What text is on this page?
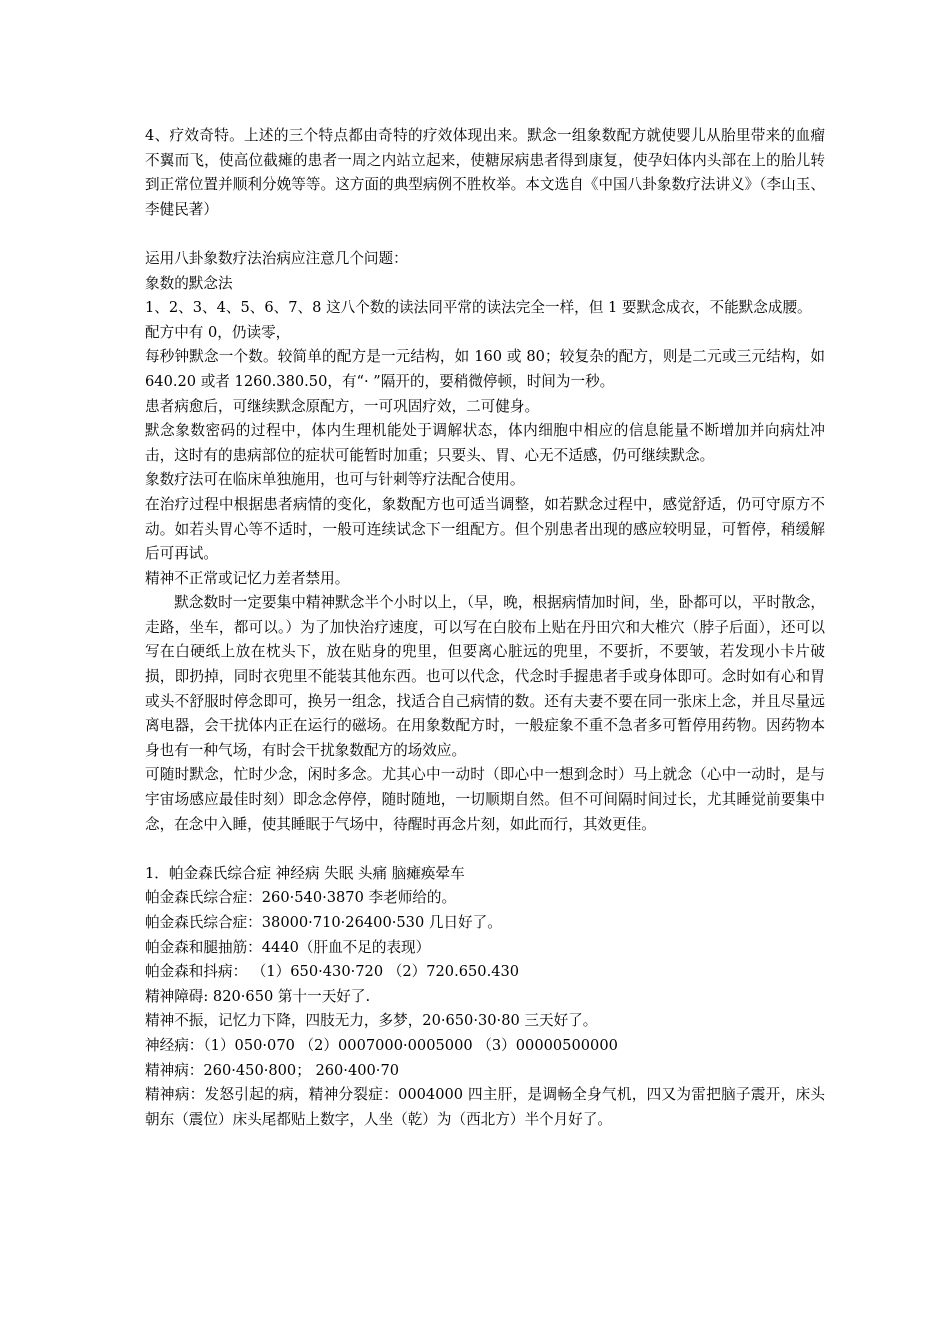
4、疗效奇特。上述的三个特点都由奇特的疗效体现出来。默念一组象数配方就使婴儿从胎里带来的血瘤不翼而飞，使高位截瘫的患者一周之内站立起来，使糖尿病患者得到康复，使孕妇体内头部在上的胎儿转到正常位置并顺利分娩等等。这方面的典型病例不胜枚举。本文选自《中国八卦象数疗法讲义》（李山玉、李健民著）

运用八卦象数疗法治病应注意几个问题：

象数的默念法

1、2、3、4、5、6、7、8 这八个数的读法同平常的读法完全一样，但 1 要默念成衣，不能默念成腰。

配方中有 0，仍读零，

每秒钟默念一个数。较简单的配方是一元结构，如 160 或 80；较复杂的配方，则是二元或三元结构，如 640.20 或者 1260.380.50，有“· ”隔开的，要稍微停顿，时间为一秒。

患者病愈后，可继续默念原配方，一可巩固疗效，二可健身。

默念象数密码的过程中，体内生理机能处于调解状态，体内细胞中相应的信息能量不断增加并向病灶冲击，这时有的患病部位的症状可能暂时加重；只要头、胃、心无不适感，仍可继续默念。

象数疗法可在临床单独施用，也可与针刺等疗法配合使用。

在治疗过程中根据患者病情的变化，象数配方也可适当调整，如若默念过程中，感觉舒适，仍可守原方不动。如若头胃心等不适时，一般可连续试念下一组配方。但个别患者出现的感应较明显，可暂停，稍缓解后可再试。

精神不正常或记忆力差者禁用。

默念数时一定要集中精神默念半个小时以上，（早，晚，根据病情加时间，坐，卧都可以，平时散念，走路，坐车，都可以。）为了加快治疗速度，可以写在白胶布上贴在丹田穴和大椎穴（脖子后面），还可以写在白硬纸上放在枕头下，放在贴身的兜里，但要离心脏远的兜里，不要折，不要皱，若发现小卡片破损，即扔掉，同时衣兜里不能装其他东西。也可以代念，代念时手握患者手或身体即可。念时如有心和胃或头不舒服时停念即可，换另一组念，找适合自己病情的数。还有夫妻不要在同一张床上念，并且尽量远离电器，会干扰体内正在运行的磁场。在用象数配方时，一般症象不重不急者多可暂停用药物。因药物本身也有一种气场，有时会干扰象数配方的场效应。

可随时默念，忙时少念，闲时多念。尤其心中一动时（即心中一想到念时）马上就念（心中一动时，是与宇宙场感应最佳时刻）即念念停停，随时随地，一切顺期自然。但不可间隔时间过长，尤其睡觉前要集中念，在念中入睡，使其睡眠于气场中，待醒时再念片刻，如此而行，其效更佳。

1．帕金森氏综合症 神经病 失眠 头痛 脑瘫痪晕车

帕金森氏综合症：260·540·3870 李老师给的。

帕金森氏综合症：38000·710·26400·530 几日好了。

帕金森和腿抽筋：4440（肝血不足的表现）

帕金森和抖病： （1）650·430·720 （2）720.650.430

精神障碍: 820·650 第十一天好了.

精神不振，记忆力下降，四肢无力，多梦，20·650·30·80 三天好了。

神经病：（1）050·070 （2）0007000·0005000 （3）00000500000

精神病：260·450·800； 260·400·70

精神病：发怒引起的病，精神分裂症：0004000 四主肝，是调畅全身气机，四又为雷把脑子震开，床头朝东（震位）床头尾都贴上数字，人坐（乾）为（西北方）半个月好了。
